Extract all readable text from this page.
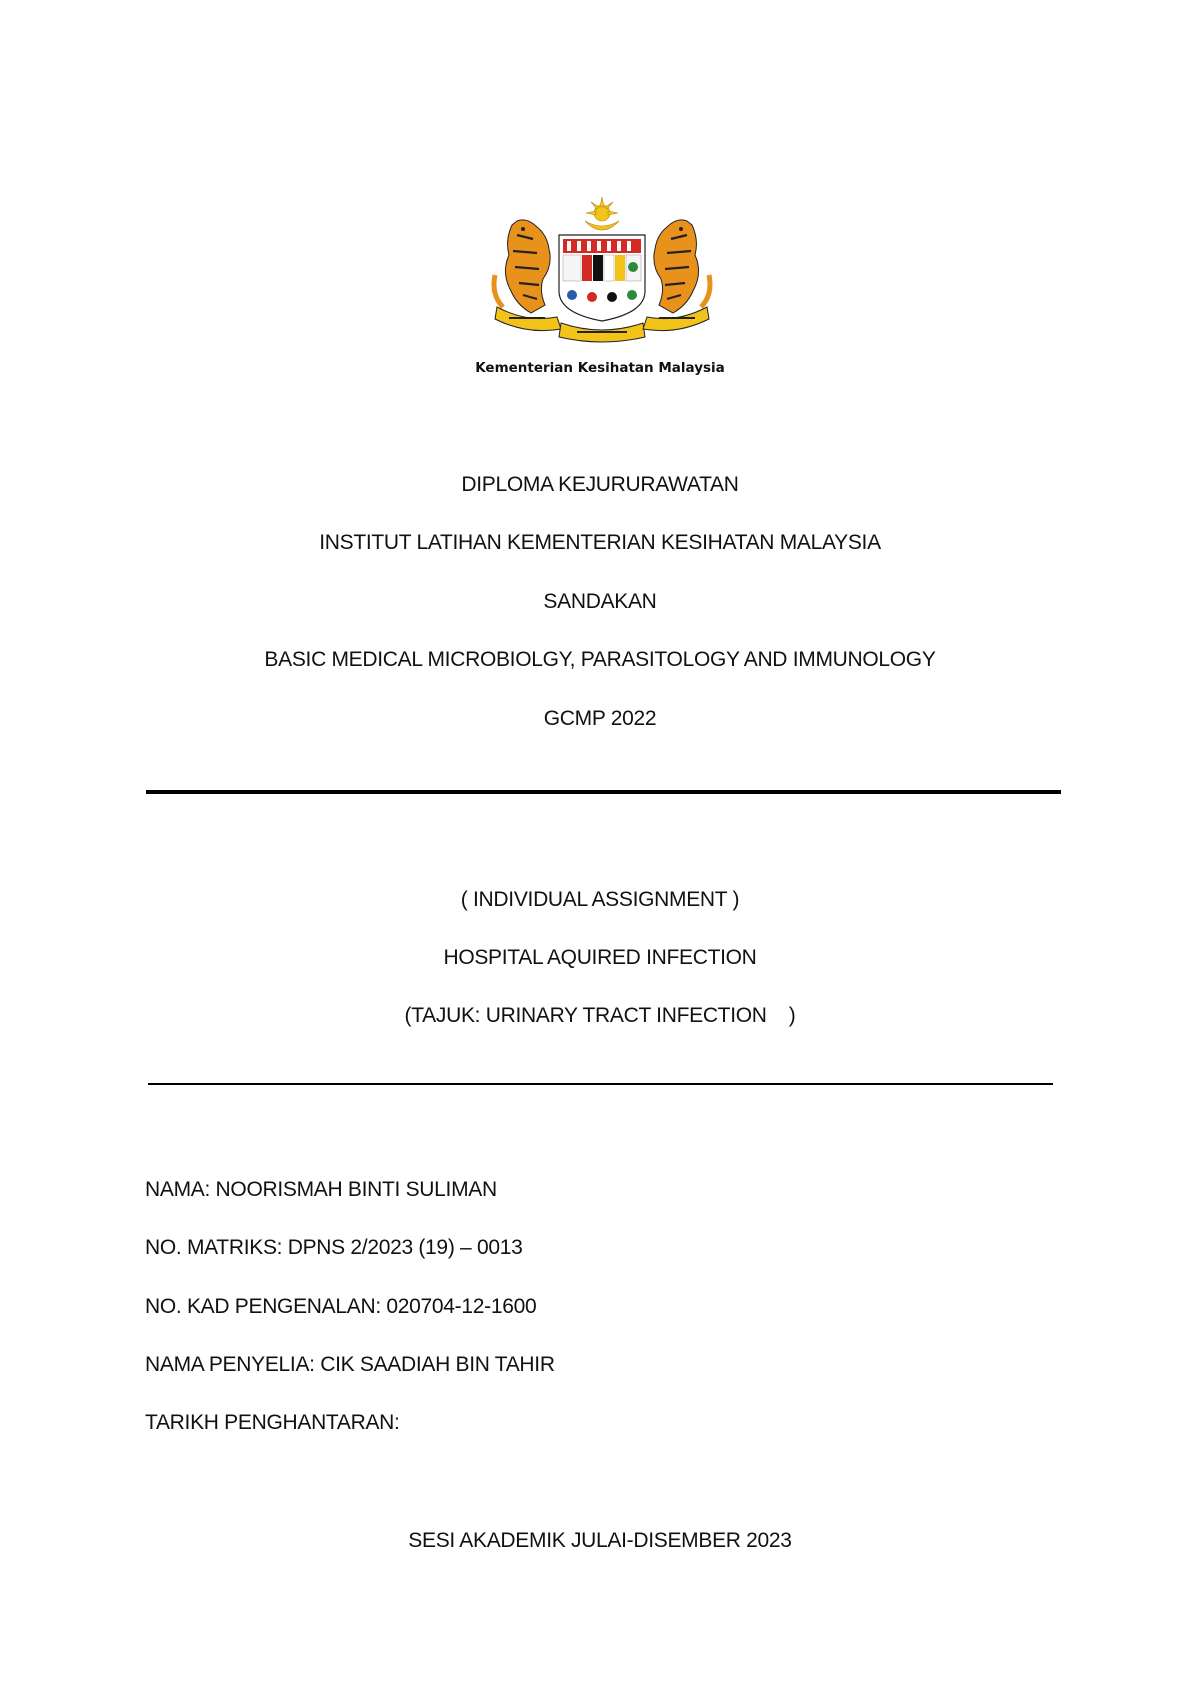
Kementerian Kesihatan Malaysia
DIPLOMA KEJURURAWATAN
INSTITUT LATIHAN KEMENTERIAN KESIHATAN MALAYSIA
SANDAKAN
BASIC MEDICAL MICROBIOLGY, PARASITOLOGY AND IMMUNOLOGY
GCMP 2022
( INDIVIDUAL ASSIGNMENT )
HOSPITAL AQUIRED INFECTION
(TAJUK: URINARY TRACT INFECTION    )
NAMA: NOORISMAH BINTI SULIMAN
NO. MATRIKS: DPNS 2/2023 (19) – 0013
NO. KAD PENGENALAN: 020704-12-1600
NAMA PENYELIA: CIK SAADIAH BIN TAHIR
TARIKH PENGHANTARAN:
SESI AKADEMIK JULAI-DISEMBER 2023
